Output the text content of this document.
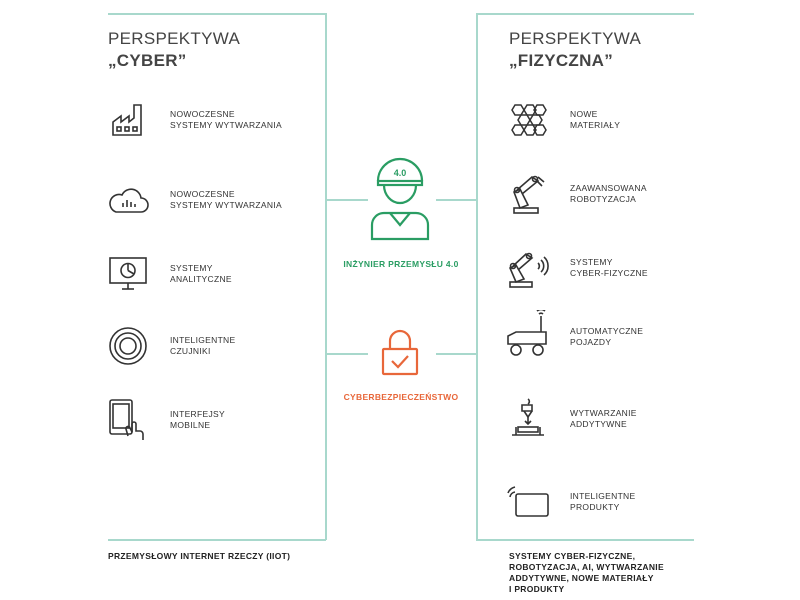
PERSPEKTYWA
„CYBER”
PERSPEKTYWA
„FIZYCZNA”
NOWOCZESNE
SYSTEMY WYTWARZANIA
NOWOCZESNE
SYSTEMY WYTWARZANIA
SYSTEMY
ANALITYCZNE
INTELIGENTNE
CZUJNIKI
INTERFEJSY
MOBILNE
NOWE
MATERIAŁY
ZAAWANSOWANA
ROBOTYZACJA
SYSTEMY
CYBER-FIZYCZNE
AUTOMATYCZNE
POJAZDY
WYTWARZANIE
ADDYTYWNE
INTELIGENTNE
PRODUKTY
4.0
INŻYNIER PRZEMYSŁU 4.0
CYBERBEZPIECZEŃSTWO
PRZEMYSŁOWY INTERNET RZECZY (IIOT)	SYSTEMY CYBER-FIZYCZNE,
ROBOTYZACJA, AI, WYTWARZANIE
ADDYTYWNE, NOWE MATERIAŁY
I PRODUKTY
